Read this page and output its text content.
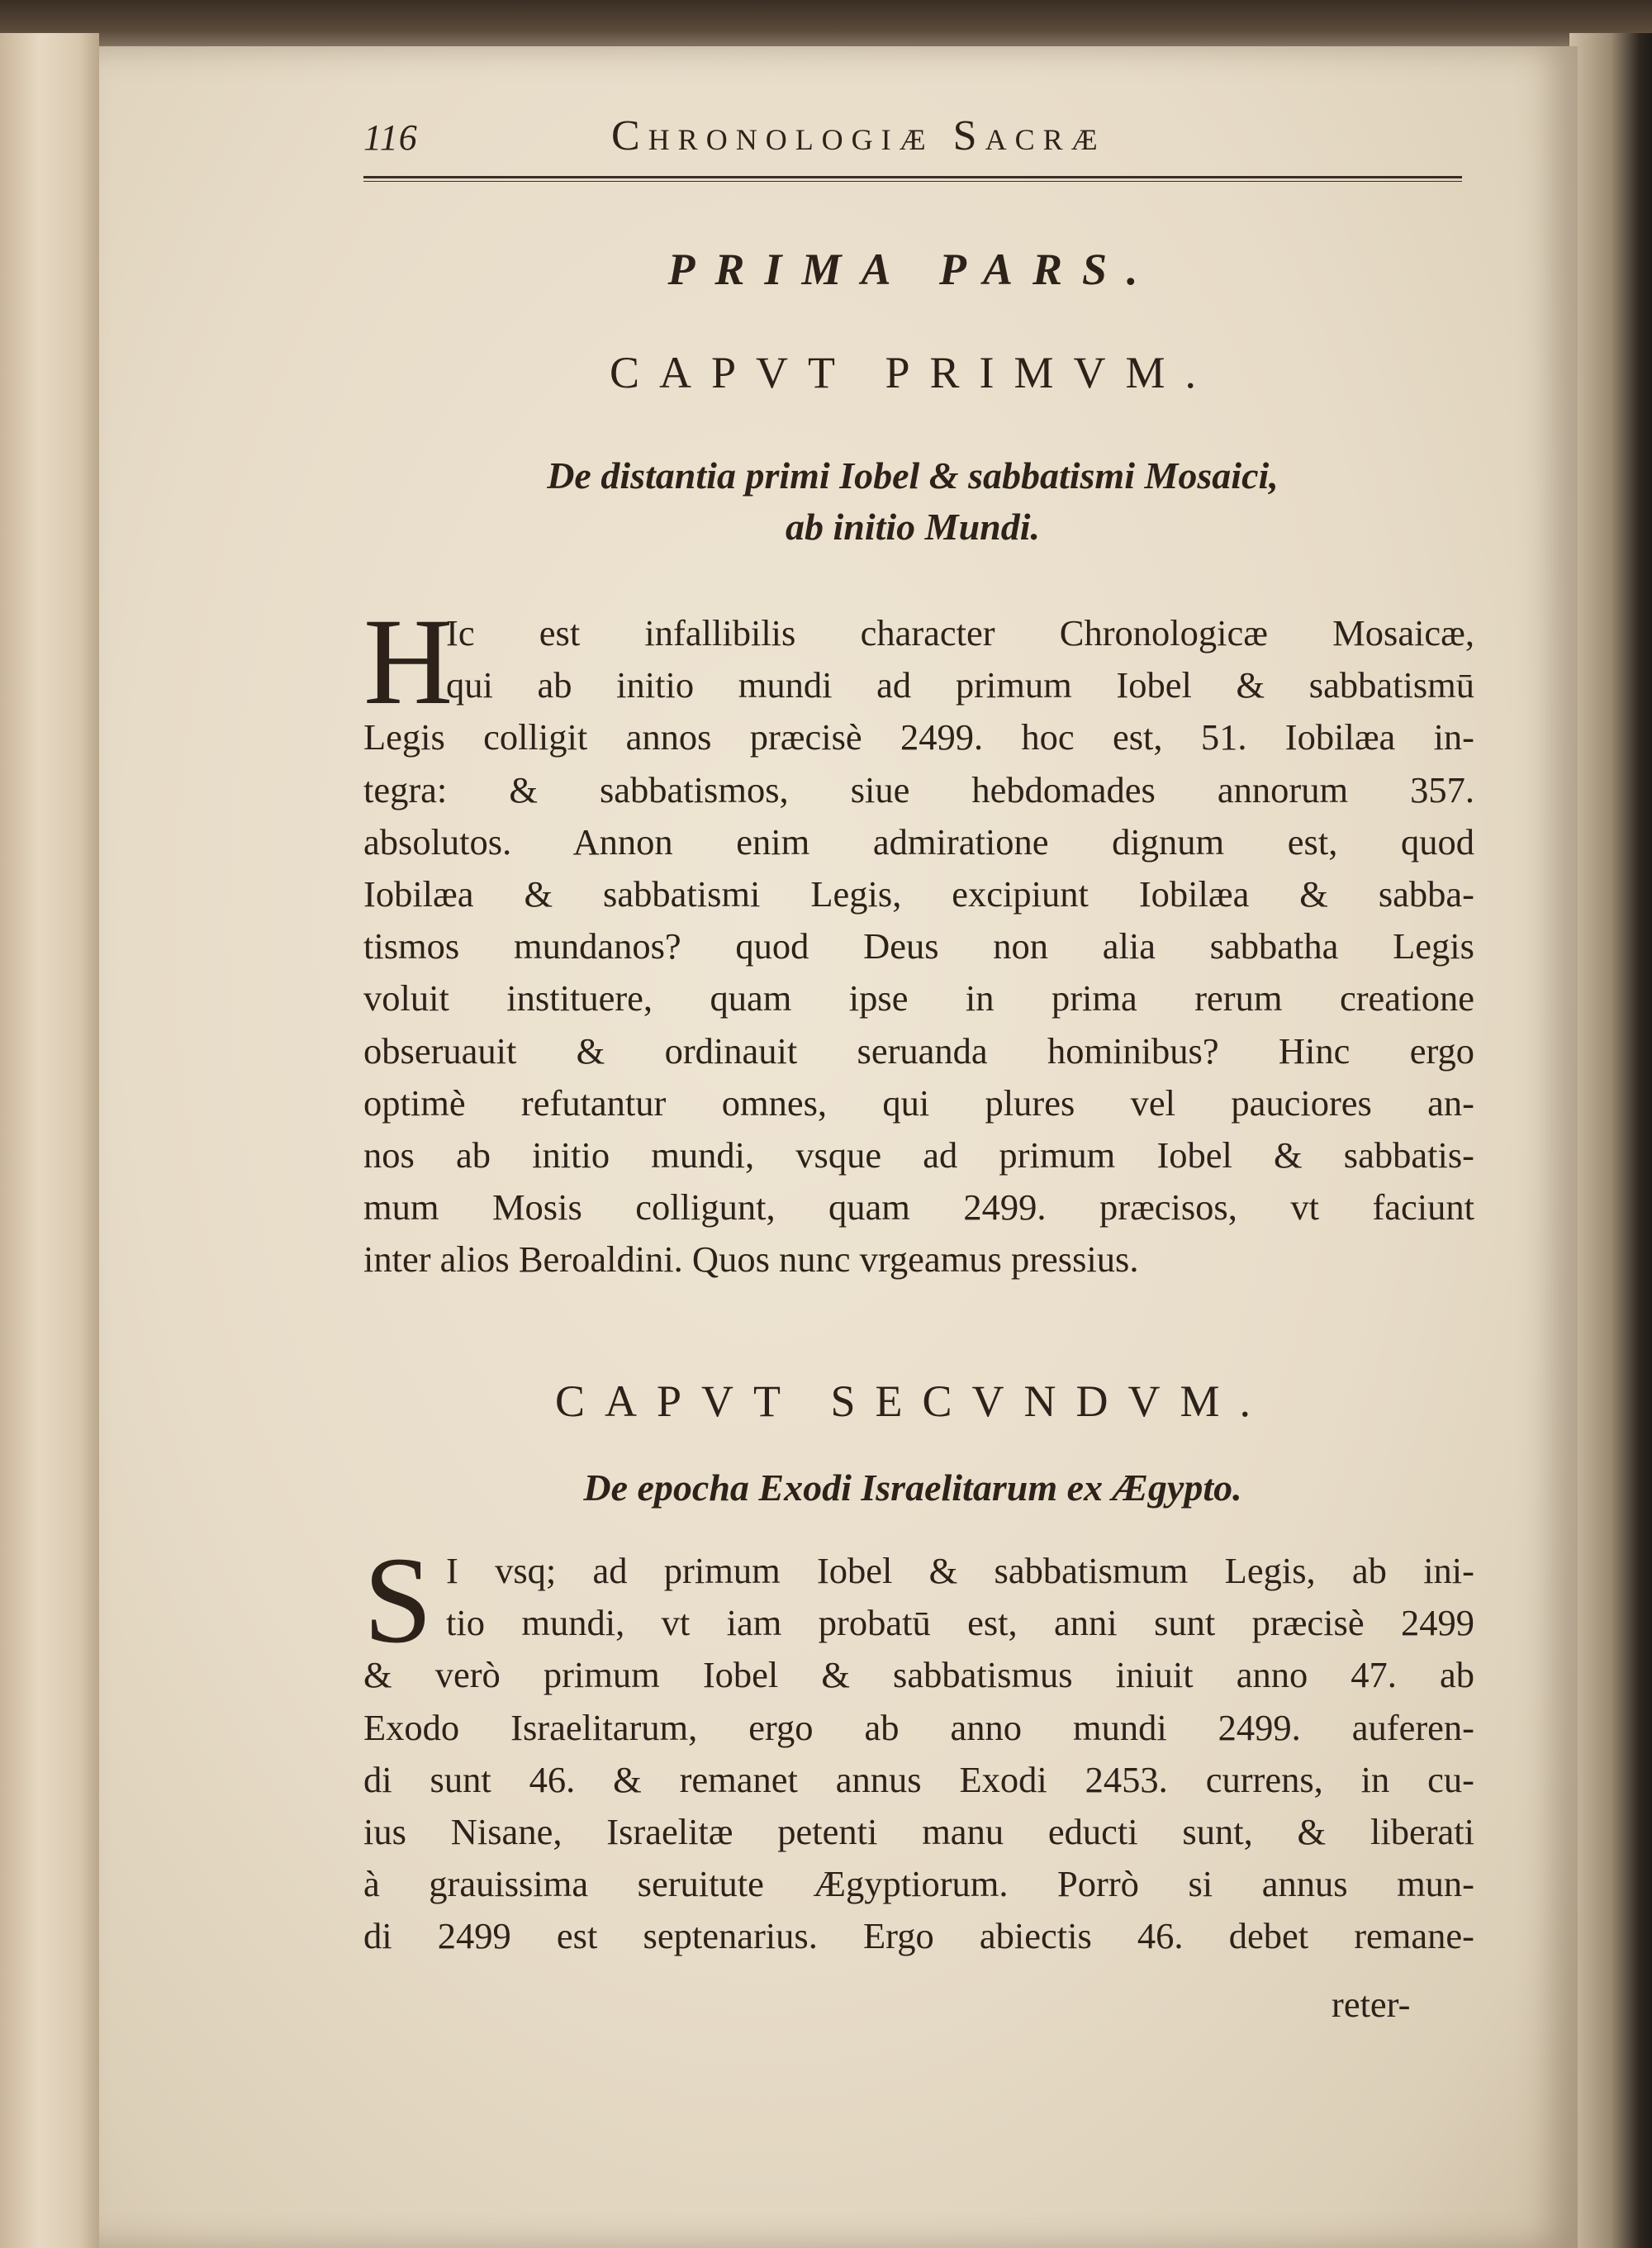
116	Chronologiæ Sacræ
PRIMA PARS.
CAPVT PRIMVM.
De distantia primi Iobel & sabbatismi Mosaici,
ab initio Mundi.
H
Ic est infallibilis character Chronologicæ Mosaicæ,
qui ab initio mundi ad primum Iobel & sabbatismū
Legis colligit annos præcisè 2499. hoc est, 51. Iobilæa in-
tegra: & sabbatismos, siue hebdomades annorum 357.
absolutos. Annon enim admiratione dignum est, quod
Iobilæa & sabbatismi Legis, excipiunt Iobilæa & sabba-
tismos mundanos? quod Deus non alia sabbatha Legis
voluit instituere, quam ipse in prima rerum creatione
obseruauit & ordinauit seruanda hominibus? Hinc ergo
optimè refutantur omnes, qui plures vel pauciores an-
nos ab initio mundi, vsque ad primum Iobel & sabbatis-
mum Mosis colligunt, quam 2499. præcisos, vt faciunt
inter alios Beroaldini. Quos nunc vrgeamus pressius.
CAPVT SECVNDVM.
De epocha Exodi Israelitarum ex Ægypto.
S I vsq; ad primum Iobel & sabbatismum Legis, ab ini-
tio mundi, vt iam probatū est, anni sunt præcisè 2499
& verò primum Iobel & sabbatismus iniuit anno 47. ab
Exodo Israelitarum, ergo ab anno mundi 2499. auferen-
di sunt 46. & remanet annus Exodi 2453. currens, in cu-
ius Nisane, Israelitæ petenti manu educti sunt, & liberati
à grauissima seruitute Ægyptiorum. Porrò si annus mun-
di 2499 est septenarius. Ergo abiectis 46. debet remane-
reter-
